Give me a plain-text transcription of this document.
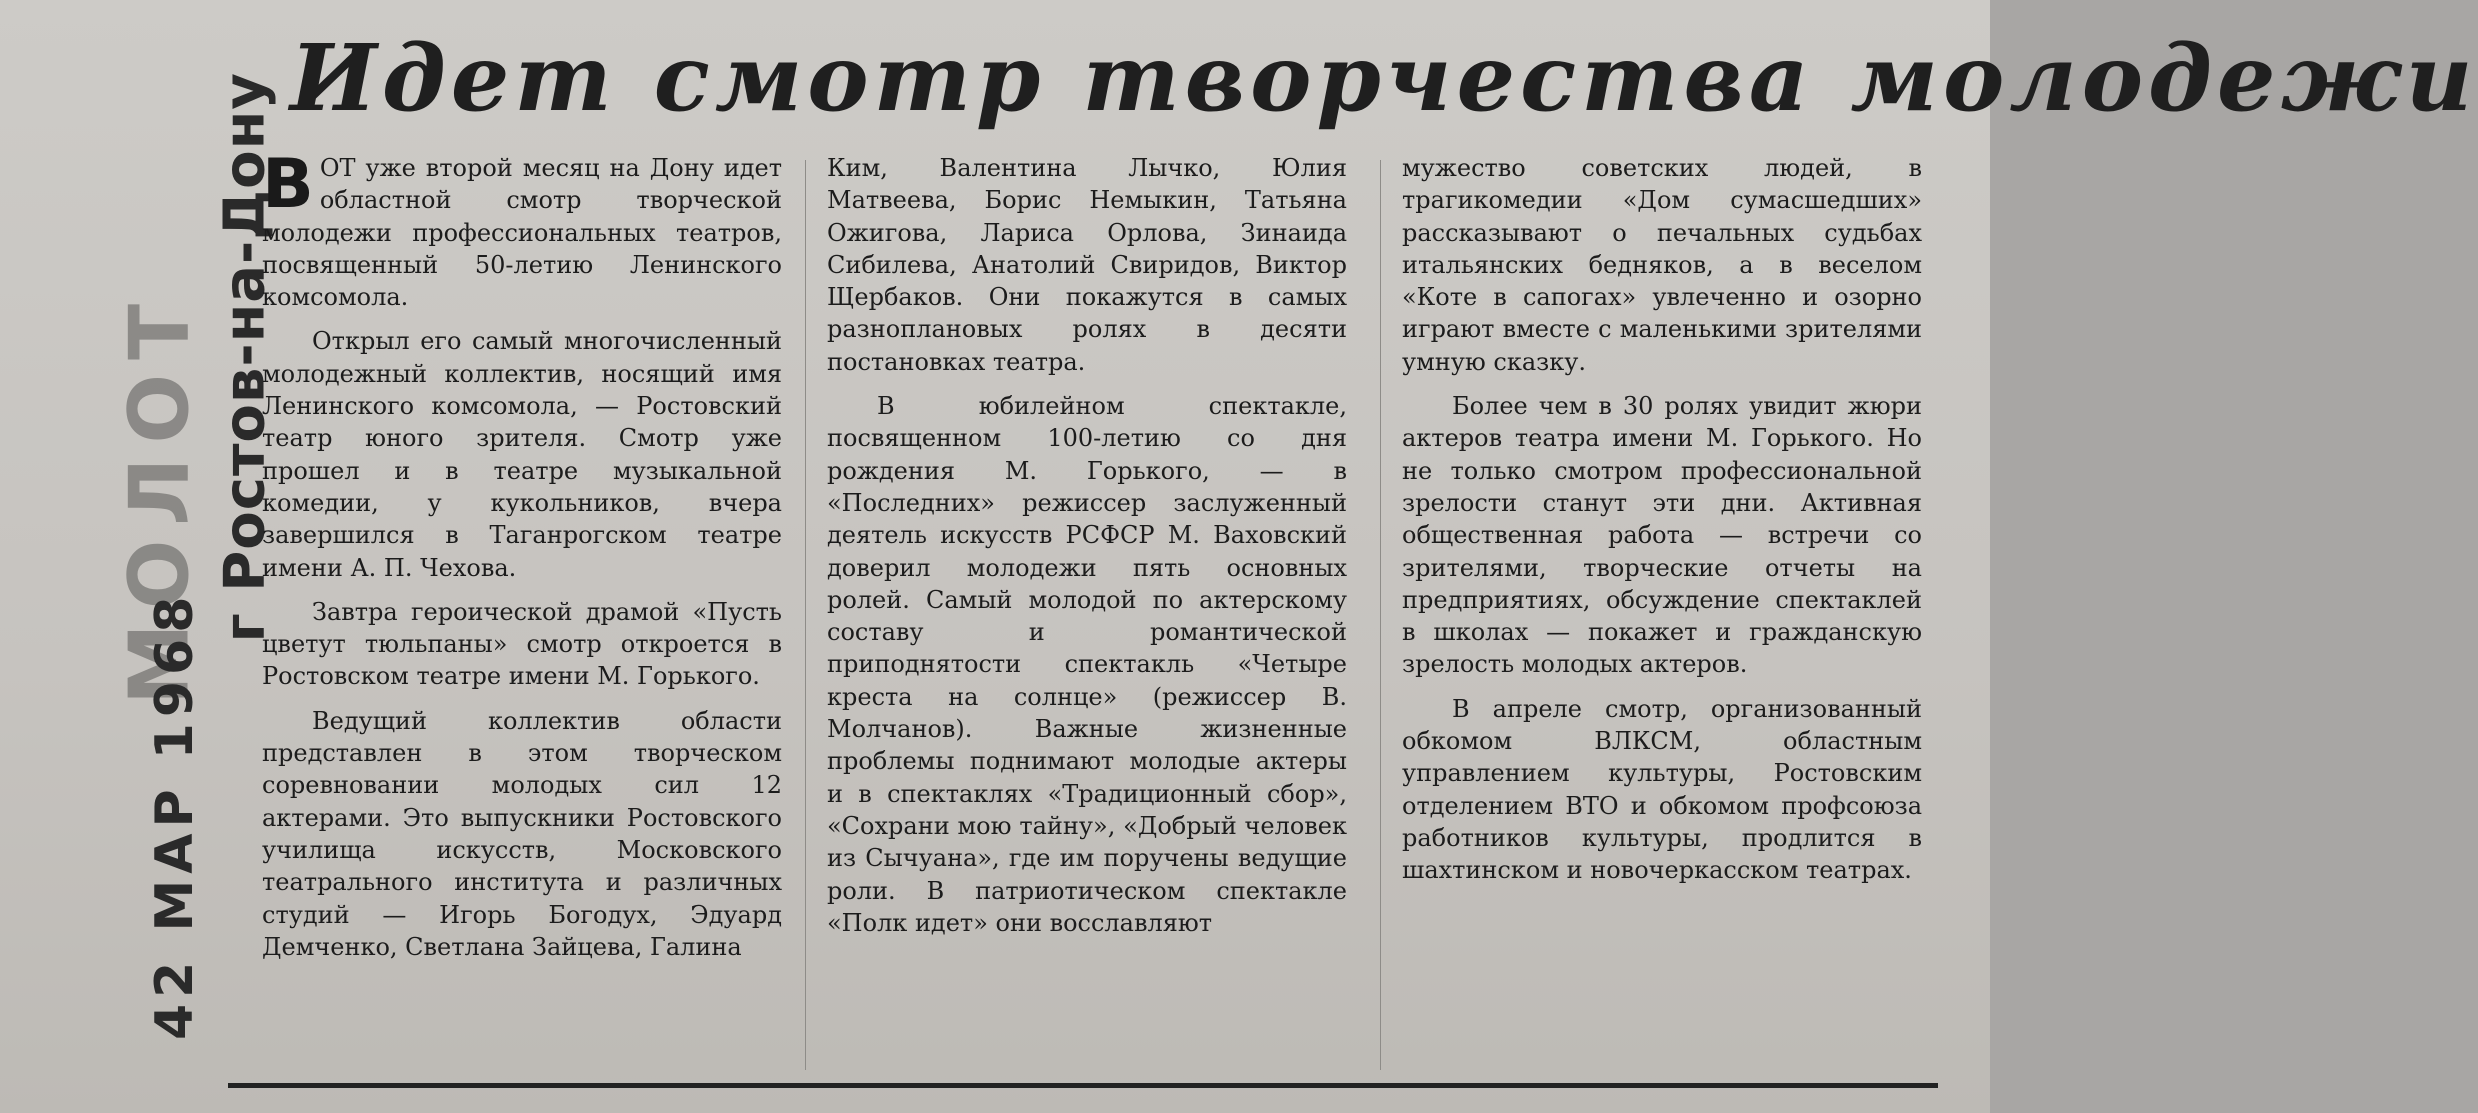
МОЛОТ г Ростов-на-Дону
42 МАР 1968
Идет смотр творчества молодежи

ВОТ уже второй месяц на Дону идет областной смотр творческой молодежи профессиональных театров, посвященный 50-летию Ленинского комсомола.

Открыл его самый многочисленный молодежный коллектив, носящий имя Ленинского комсомола, — Ростовский театр юного зрителя. Смотр уже прошел и в театре музыкальной комедии, у кукольников, вчера завершился в Таганрогском театре имени А. П. Чехова.

Завтра героической драмой «Пусть цветут тюльпаны» смотр откроется в Ростовском театре имени М. Горького.

Ведущий коллектив области представлен в этом творческом соревновании молодых сил 12 актерами. Это выпускники Ростовского училища искусств, Московского театрального института и различных студий — Игорь Богодух, Эдуард Демченко, Светлана Зайцева, Галина

Ким, Валентина Лычко, Юлия Матвеева, Борис Немыкин, Татьяна Ожигова, Лариса Орлова, Зинаида Сибилева, Анатолий Свиридов, Виктор Щербаков. Они покажутся в самых разноплановых ролях в десяти постановках театра.

В юбилейном спектакле, посвященном 100-летию со дня рождения М. Горького, — в «Последних» режиссер заслуженный деятель искусств РСФСР М. Ваховский доверил молодежи пять основных ролей. Самый молодой по актерскому составу и романтической приподнятости спектакль «Четыре креста на солнце» (режиссер В. Молчанов). Важные жизненные проблемы поднимают молодые актеры и в спектаклях «Традиционный сбор», «Сохрани мою тайну», «Добрый человек из Сычуана», где им поручены ведущие роли. В патриотическом спектакле «Полк идет» они восславляют

мужество советских людей, в трагикомедии «Дом сумасшедших» рассказывают о печальных судьбах итальянских бедняков, а в веселом «Коте в сапогах» увлеченно и озорно играют вместе с маленькими зрителями умную сказку.

Более чем в 30 ролях увидит жюри актеров театра имени М. Горького. Но не только смотром профессиональной зрелости станут эти дни. Активная общественная работа — встречи со зрителями, творческие отчеты на предприятиях, обсуждение спектаклей в школах — покажет и гражданскую зрелость молодых актеров.

В апреле смотр, организованный обкомом ВЛКСМ, областным управлением культуры, Ростовским отделением ВТО и обкомом профсоюза работников культуры, продлится в шахтинском и новочеркасском театрах.
